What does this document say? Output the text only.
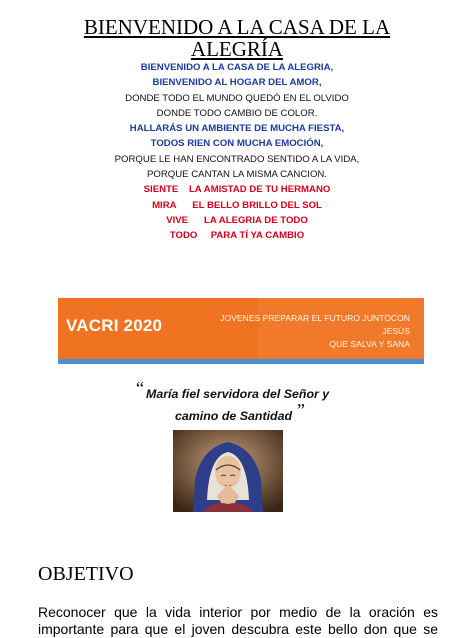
BIENVENIDO A LA CASA DE LA ALEGRÍA
BIENVENIDO A LA CASA DE LA ALEGRIA,
BIENVENIDO AL HOGAR DEL AMOR,
DONDE TODO EL MUNDO QUEDÓ EN EL OLVIDO
DONDE TODO CAMBIO DE COLOR.
HALLARÁS UN AMBIENTE DE MUCHA FIESTA,
TODOS RIEN CON MUCHA EMOCIÓN,
PORQUE LE HAN ENCONTRADO SENTIDO A LA VIDA,
PORQUE CANTAN LA MISMA CANCION.
SIENTE    LA AMISTAD DE TU HERMANO
MIRA      EL BELLO BRILLO DEL SOL
VIVE      LA ALEGRIA DE TODO
TODO     PARA TÍ YA CAMBIO
VACRI 2020	JOVENES PREPARAR EL FUTURO JUNTOCON JESÚS
QUE SALVA Y SANA
“ María fiel servidora del Señor y
camino de Santidad ”
OBJETIVO
Reconocer que la vida interior por medio de la oración es
importante para que el joven descubra este bello don que se
